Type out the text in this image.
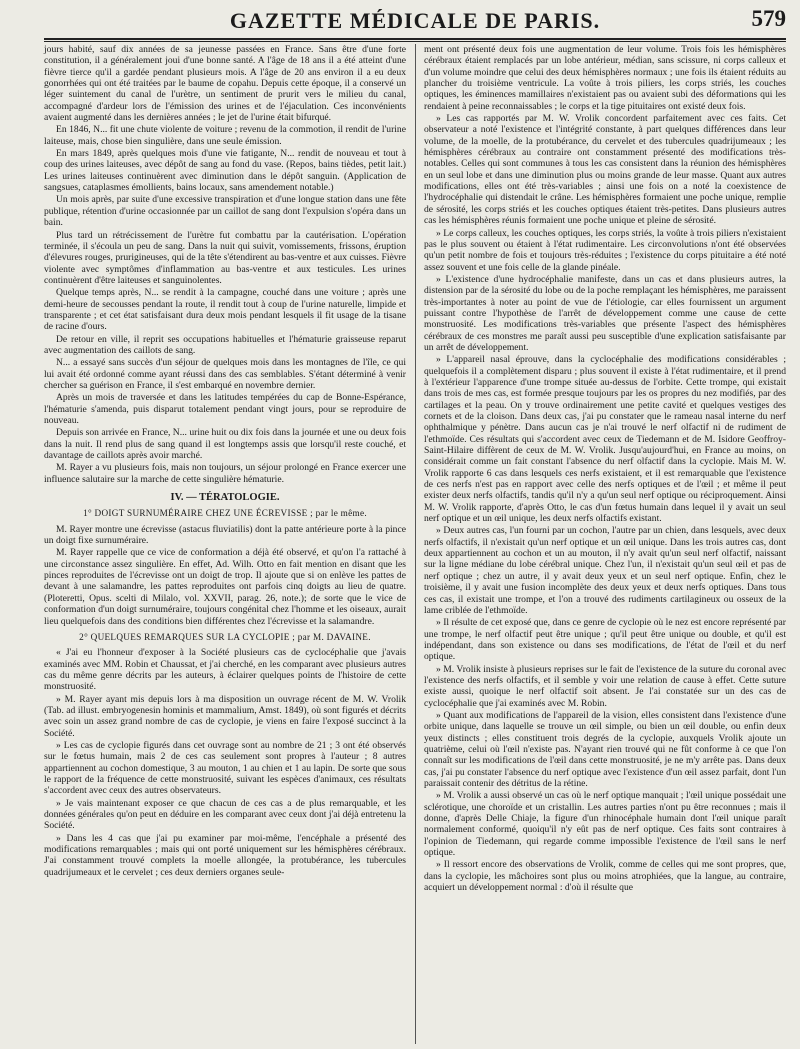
GAZETTE MÉDICALE DE PARIS.	579

jours habité, sauf dix années de sa jeunesse passées en France. Sans être d'une forte constitution, il a généralement joui d'une bonne santé. A l'âge de 18 ans il a été atteint d'une fièvre tierce qu'il a gardée pendant plusieurs mois. A l'âge de 20 ans environ il a eu deux gonorrhées qui ont été traitées par le baume de copahu. Depuis cette époque, il a conservé un léger suintement du canal de l'urètre, un sentiment de prurit vers le milieu du canal, accompagné d'ardeur lors de l'émission des urines et de l'éjaculation. Ces inconvénients avaient augmenté dans les dernières années ; le jet de l'urine était bifurqué.

En 1846, N... fit une chute violente de voiture ; revenu de la commotion, il rendit de l'urine laiteuse, mais, chose bien singulière, dans une seule émission.

En mars 1849, après quelques mois d'une vie fatigante, N... rendit de nouveau et tout à coup des urines laiteuses, avec dépôt de sang au fond du vase. (Repos, bains tièdes, petit lait.) Les urines laiteuses continuèrent avec diminution dans le dépôt sanguin. (Application de sangsues, cataplasmes émollients, bains locaux, sans amendement notable.)

Un mois après, par suite d'une excessive transpiration et d'une longue station dans une fête publique, rétention d'urine occasionnée par un caillot de sang dont l'expulsion s'opéra dans un bain.

Plus tard un rétrécissement de l'urètre fut combattu par la cautérisation. L'opération terminée, il s'écoula un peu de sang. Dans la nuit qui suivit, vomissements, frissons, éruption d'élevures rouges, prurigineuses, qui de la tête s'étendirent au bas-ventre et aux cuisses. Fièvre violente avec symptômes d'inflammation au bas-ventre et aux testicules. Les urines continuèrent d'être laiteuses et sanguinolentes.

Quelque temps après, N... se rendit à la campagne, couché dans une voiture ; après une demi-heure de secousses pendant la route, il rendit tout à coup de l'urine naturelle, limpide et transparente ; et cet état satisfaisant dura deux mois pendant lesquels il fit usage de la tisane de racine d'ours.

De retour en ville, il reprit ses occupations habituelles et l'hématurie graisseuse reparut avec augmentation des caillots de sang.

N... a essayé sans succès d'un séjour de quelques mois dans les montagnes de l'île, ce qui lui avait été ordonné comme ayant réussi dans des cas semblables. S'étant déterminé à venir chercher sa guérison en France, il s'est embarqué en novembre dernier.

Après un mois de traversée et dans les latitudes tempérées du cap de Bonne-Espérance, l'hématurie s'amenda, puis disparut totalement pendant vingt jours, pour se reproduire de nouveau.

Depuis son arrivée en France, N... urine huit ou dix fois dans la journée et une ou deux fois dans la nuit. Il rend plus de sang quand il est longtemps assis que lorsqu'il reste couché, et davantage de caillots après avoir marché.

M. Rayer a vu plusieurs fois, mais non toujours, un séjour prolongé en France exercer une influence salutaire sur la marche de cette singulière hématurie.

IV. — TÉRATOLOGIE.
1° DOIGT SURNUMÉRAIRE CHEZ UNE ÉCREVISSE ; par le même.

M. Rayer montre une écrevisse (astacus fluviatilis) dont la patte antérieure porte à la pince un doigt fixe surnuméraire.

M. Rayer rappelle que ce vice de conformation a déjà été observé, et qu'on l'a rattaché à une circonstance assez singulière. En effet, Ad. Wilh. Otto en fait mention en disant que les pinces reproduites de l'écrevisse ont un doigt de trop. Il ajoute que si on enlève les pattes de devant à une salamandre, les pattes reproduites ont parfois cinq doigts au lieu de quatre. (Ploteretti, Opus. scelti di Milalo, vol. XXVII, parag. 26, note.); de sorte que le vice de conformation d'un doigt surnuméraire, toujours congénital chez l'homme et les oiseaux, aurait lieu quelquefois dans des conditions bien différentes chez l'écrevisse et la salamandre.

2° QUELQUES REMARQUES SUR LA CYCLOPIE ; par M. DAVAINE.

« J'ai eu l'honneur d'exposer à la Société plusieurs cas de cyclocéphalie que j'avais examinés avec MM. Robin et Chaussat, et j'ai cherché, en les comparant avec plusieurs autres cas du même genre décrits par les auteurs, à éclairer quelques points de l'histoire de cette monstruosité.

» M. Rayer ayant mis depuis lors à ma disposition un ouvrage récent de M. W. Vrolik (Tab. ad illust. embryogenesin hominis et mammalium, Amst. 1849), où sont figurés et décrits avec soin un assez grand nombre de cas de cyclopie, je viens en faire l'exposé succinct à la Société.

» Les cas de cyclopie figurés dans cet ouvrage sont au nombre de 21 ; 3 ont été observés sur le fœtus humain, mais 2 de ces cas seulement sont propres à l'auteur ; 8 autres appartiennent au cochon domestique, 3 au mouton, 1 au chien et 1 au lapin. De sorte que sous le rapport de la fréquence de cette monstruosité, suivant les espèces d'animaux, ces résultats s'accordent avec ceux des autres observateurs.

» Je vais maintenant exposer ce que chacun de ces cas a de plus remarquable, et les données générales qu'on peut en déduire en les comparant avec ceux dont j'ai déjà entretenu la Société.

» Dans les 4 cas que j'ai pu examiner par moi-même, l'encéphale a présenté des modifications remarquables ; mais qui ont porté uniquement sur les hémisphères cérébraux. J'ai constamment trouvé complets la moelle allongée, la protubérance, les tubercules quadrijumeaux et le cervelet ; ces deux derniers organes seule-

ment ont présenté deux fois une augmentation de leur volume. Trois fois les hémisphères cérébraux étaient remplacés par un lobe antérieur, médian, sans scissure, ni corps calleux et d'un volume moindre que celui des deux hémisphères normaux ; une fois ils étaient réduits au plancher du troisième ventricule. La voûte à trois piliers, les corps striés, les couches optiques, les éminences mamillaires n'existaient pas ou avaient subi des déformations qui les rendaient à peine reconnaissables ; le corps et la tige pituitaires ont existé deux fois.

» Les cas rapportés par M. W. Vrolik concordent parfaitement avec ces faits. Cet observateur a noté l'existence et l'intégrité constante, à part quelques différences dans leur volume, de la moelle, de la protubérance, du cervelet et des tubercules quadrijumeaux ; les hémisphères cérébraux au contraire ont constamment présenté des modifications très-notables. Celles qui sont communes à tous les cas consistent dans la réunion des hémisphères en un seul lobe et dans une diminution plus ou moins grande de leur masse. Quant aux autres modifications, elles ont été très-variables ; ainsi une fois on a noté la coexistence de l'hydrocéphalie qui distendait le crâne. Les hémisphères formaient une poche unique, remplie de sérosité, les corps striés et les couches optiques étaient très-petites. Dans plusieurs autres cas les hémisphères réunis formaient une poche unique et pleine de sérosité.

» Le corps calleux, les couches optiques, les corps striés, la voûte à trois piliers n'existaient pas le plus souvent ou étaient à l'état rudimentaire. Les circonvolutions n'ont été observées qu'un petit nombre de fois et toujours très-réduites ; l'existence du corps pituitaire a été noté assez souvent et une fois celle de la glande pinéale.

» L'existence d'une hydrocéphalie manifeste, dans un cas et dans plusieurs autres, la distension par de la sérosité du lobe ou de la poche remplaçant les hémisphères, me paraissent très-importantes à noter au point de vue de l'étiologie, car elles fournissent un argument puissant contre l'hypothèse de l'arrêt de développement comme une cause de cette monstruosité. Les modifications très-variables que présente l'aspect des hémisphères cérébraux de ces monstres me paraît aussi peu susceptible d'une explication satisfaisante par un arrêt de développement.

» L'appareil nasal éprouve, dans la cyclocéphalie des modifications considérables ; quelquefois il a complètement disparu ; plus souvent il existe à l'état rudimentaire, et il prend à l'extérieur l'apparence d'une trompe située au-dessus de l'orbite. Cette trompe, qui existait dans trois de mes cas, est formée presque toujours par les os propres du nez modifiés, par des cartilages et la peau. On y trouve ordinairement une petite cavité et quelques vestiges des cornets et de la cloison. Dans deux cas, j'ai pu constater que le rameau nasal interne du nerf ophthalmique y pénètre. Dans aucun cas je n'ai trouvé le nerf olfactif ni de rudiment de l'ethmoïde. Ces résultats qui s'accordent avec ceux de Tiedemann et de M. Isidore Geoffroy-Saint-Hilaire diffèrent de ceux de M. W. Vrolik. Jusqu'aujourd'hui, en France au moins, on considérait comme un fait constant l'absence du nerf olfactif dans la cyclopie. Mais M. W. Vrolik rapporte 6 cas dans lesquels ces nerfs existaient, et il est remarquable que l'existence de ces nerfs n'est pas en rapport avec celle des nerfs optiques et de l'œil ; et même il peut exister deux nerfs olfactifs, tandis qu'il n'y a qu'un seul nerf optique ou réciproquement. Ainsi M. W. Vrolik rapporte, d'après Otto, le cas d'un fœtus humain dans lequel il y avait un seul nerf optique et un œil unique, les deux nerfs olfactifs existant.

» Deux autres cas, l'un fourni par un cochon, l'autre par un chien, dans lesquels, avec deux nerfs olfactifs, il n'existait qu'un nerf optique et un œil unique. Dans les trois autres cas, dont deux appartiennent au cochon et un au mouton, il n'y avait qu'un seul nerf olfactif, naissant sur la ligne médiane du lobe cérébral unique. Chez l'un, il n'existait qu'un seul œil et pas de nerf optique ; chez un autre, il y avait deux yeux et un seul nerf optique. Enfin, chez le troisième, il y avait une fusion incomplète des deux yeux et deux nerfs optiques. Dans tous ces cas, il existait une trompe, et l'on a trouvé des rudiments cartilagineux ou osseux de la lame criblée de l'ethmoïde.

» Il résulte de cet exposé que, dans ce genre de cyclopie où le nez est encore représenté par une trompe, le nerf olfactif peut être unique ; qu'il peut être unique ou double, et qu'il est indépendant, dans son existence ou dans ses modifications, de l'état de l'œil et du nerf optique.

» M. Vrolik insiste à plusieurs reprises sur le fait de l'existence de la suture du coronal avec l'existence des nerfs olfactifs, et il semble y voir une relation de cause à effet. Cette suture existe aussi, quoique le nerf olfactif soit absent. Je l'ai constatée sur un des cas de cyclocéphalie que j'ai examinés avec M. Robin.

» Quant aux modifications de l'appareil de la vision, elles consistent dans l'existence d'une orbite unique, dans laquelle se trouve un œil simple, ou bien un œil double, ou enfin deux yeux distincts ; elles constituent trois degrés de la cyclopie, auxquels Vrolik ajoute un quatrième, celui où l'œil n'existe pas. N'ayant rien trouvé qui ne fût conforme à ce que l'on connaît sur les modifications de l'œil dans cette monstruosité, je ne m'y arrête pas. Dans deux cas, j'ai pu constater l'absence du nerf optique avec l'existence d'un œil assez parfait, dont l'un paraissait contenir des détritus de la rétine.

» M. Vrolik a aussi observé un cas où le nerf optique manquait ; l'œil unique possédait une sclérotique, une choroïde et un cristallin. Les autres parties n'ont pu être reconnues ; mais il donne, d'après Delle Chiaje, la figure d'un rhinocéphale humain dont l'œil unique paraît normalement conformé, quoiqu'il n'y eût pas de nerf optique. Ces faits sont contraires à l'opinion de Tiedemann, qui regarde comme impossible l'existence de l'œil sans le nerf optique.

» Il ressort encore des observations de Vrolik, comme de celles qui me sont propres, que, dans la cyclopie, les mâchoires sont plus ou moins atrophiées, que la langue, au contraire, acquiert un développement normal : d'où il résulte que
